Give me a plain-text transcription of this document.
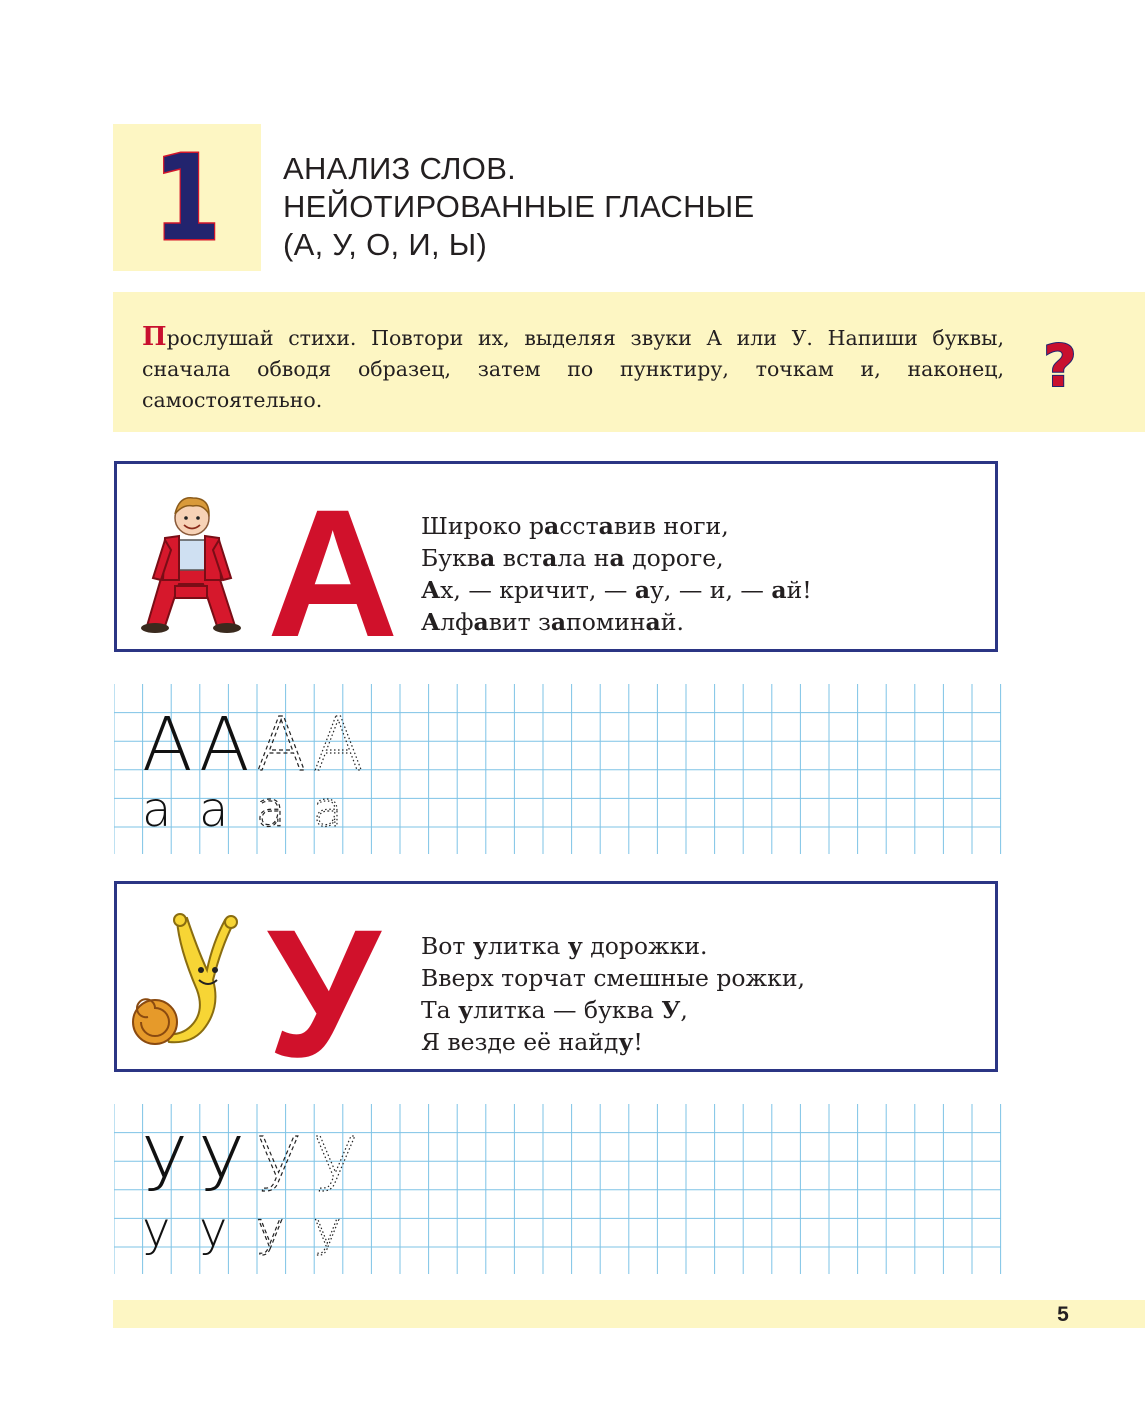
1	АНАЛИЗ СЛОВ.
НЕЙОТИРОВАННЫЕ ГЛАСНЫЕ
(А, У, О, И, Ы)
Прослушай стихи. Повтори их, выделяя звуки А или У. Напиши буквы, сначала обводя образец, затем по пунктиру, точкам и, наконец, самостоятельно.	?
А Широко расставив ноги,
Буква встала на дороге,
Ах, — кричит, — ау, — и, — ай!
Алфавит запоминай.
A A A A
a a a a
У Вот улитка у дорожки.
Вверх торчат смешные рожки,
Та улитка — буква У,
Я везде её найду!
У У У У
у у у у
5
